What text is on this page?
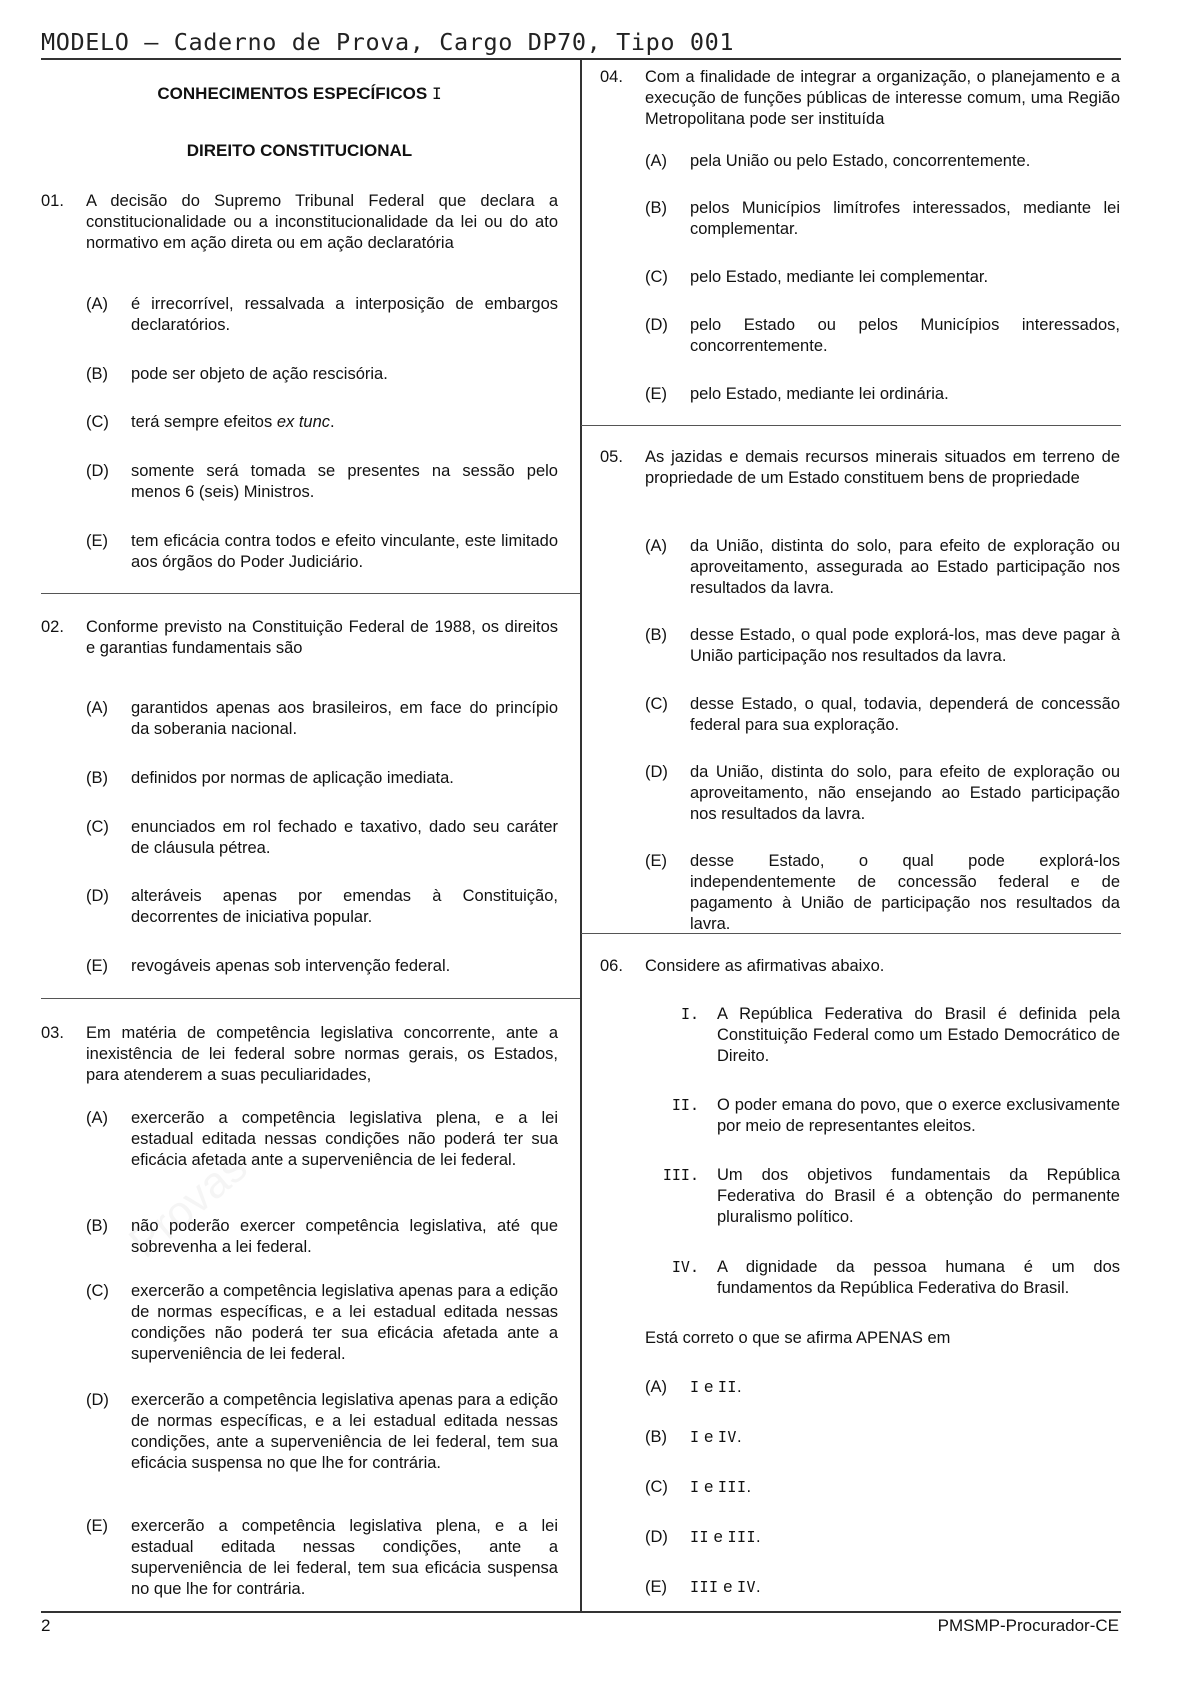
MODELO – Caderno de Prova, Cargo DP70, Tipo 001
CONHECIMENTOS ESPECÍFICOS I
DIREITO CONSTITUCIONAL
01.	A decisão do Supremo Tribunal Federal que declara a constitucionalidade ou a inconstitucionalidade da lei ou do ato normativo em ação direta ou em ação declaratória
(A)	é irrecorrível, ressalvada a interposição de embargos declaratórios.
(B)	pode ser objeto de ação rescisória.
(C)	terá sempre efeitos ex tunc.
(D)	somente será tomada se presentes na sessão pelo menos 6 (seis) Ministros.
(E)	tem eficácia contra todos e efeito vinculante, este limitado aos órgãos do Poder Judiciário.
02.	Conforme previsto na Constituição Federal de 1988, os direitos e garantias fundamentais são
(A)	garantidos apenas aos brasileiros, em face do princípio da soberania nacional.
(B)	definidos por normas de aplicação imediata.
(C)	enunciados em rol fechado e taxativo, dado seu caráter de cláusula pétrea.
(D)	alteráveis apenas por emendas à Constituição, decorrentes de iniciativa popular.
(E)	revogáveis apenas sob intervenção federal.
03.	Em matéria de competência legislativa concorrente, ante a inexistência de lei federal sobre normas gerais, os Estados, para atenderem a suas peculiaridades,
(A)	exercerão a competência legislativa plena, e a lei estadual editada nessas condições não poderá ter sua eficácia afetada ante a superveniência de lei federal.
(B)	não poderão exercer competência legislativa, até que sobrevenha a lei federal.
(C)	exercerão a competência legislativa apenas para a edição de normas específicas, e a lei estadual editada nessas condições não poderá ter sua eficácia afetada ante a superveniência de lei federal.
(D)	exercerão a competência legislativa apenas para a edição de normas específicas, e a lei estadual editada nessas condições, ante a superveniência de lei federal, tem sua eficácia suspensa no que lhe for contrária.
(E)	exercerão a competência legislativa plena, e a lei estadual editada nessas condições, ante a superveniência de lei federal, tem sua eficácia suspensa no que lhe for contrária.
04.	Com a finalidade de integrar a organização, o planejamento e a execução de funções públicas de interesse comum, uma Região Metropolitana pode ser instituída
(A)	pela União ou pelo Estado, concorrentemente.
(B)	pelos Municípios limítrofes interessados, mediante lei complementar.
(C)	pelo Estado, mediante lei complementar.
(D)	pelo Estado ou pelos Municípios interessados, concorrentemente.
(E)	pelo Estado, mediante lei ordinária.
05.	As jazidas e demais recursos minerais situados em terreno de propriedade de um Estado constituem bens de propriedade
(A)	da União, distinta do solo, para efeito de exploração ou aproveitamento, assegurada ao Estado participação nos resultados da lavra.
(B)	desse Estado, o qual pode explorá-los, mas deve pagar à União participação nos resultados da lavra.
(C)	desse Estado, o qual, todavia, dependerá de concessão federal para sua exploração.
(D)	da União, distinta do solo, para efeito de exploração ou aproveitamento, não ensejando ao Estado participação nos resultados da lavra.
(E)	desse Estado, o qual pode explorá-los independentemente de concessão federal e de pagamento à União de participação nos resultados da lavra.
06.	Considere as afirmativas abaixo.
I. A República Federativa do Brasil é definida pela Constituição Federal como um Estado Democrático de Direito.
II. O poder emana do povo, que o exerce exclusivamente por meio de representantes eleitos.
III. Um dos objetivos fundamentais da República Federativa do Brasil é a obtenção do permanente pluralismo político.
IV. A dignidade da pessoa humana é um dos fundamentos da República Federativa do Brasil.
Está correto o que se afirma APENAS em
(A)	I e II.
(B)	I e IV.
(C)	I e III.
(D)	II e III.
(E)	III e IV.
2	PMSMP-Procurador-CE
